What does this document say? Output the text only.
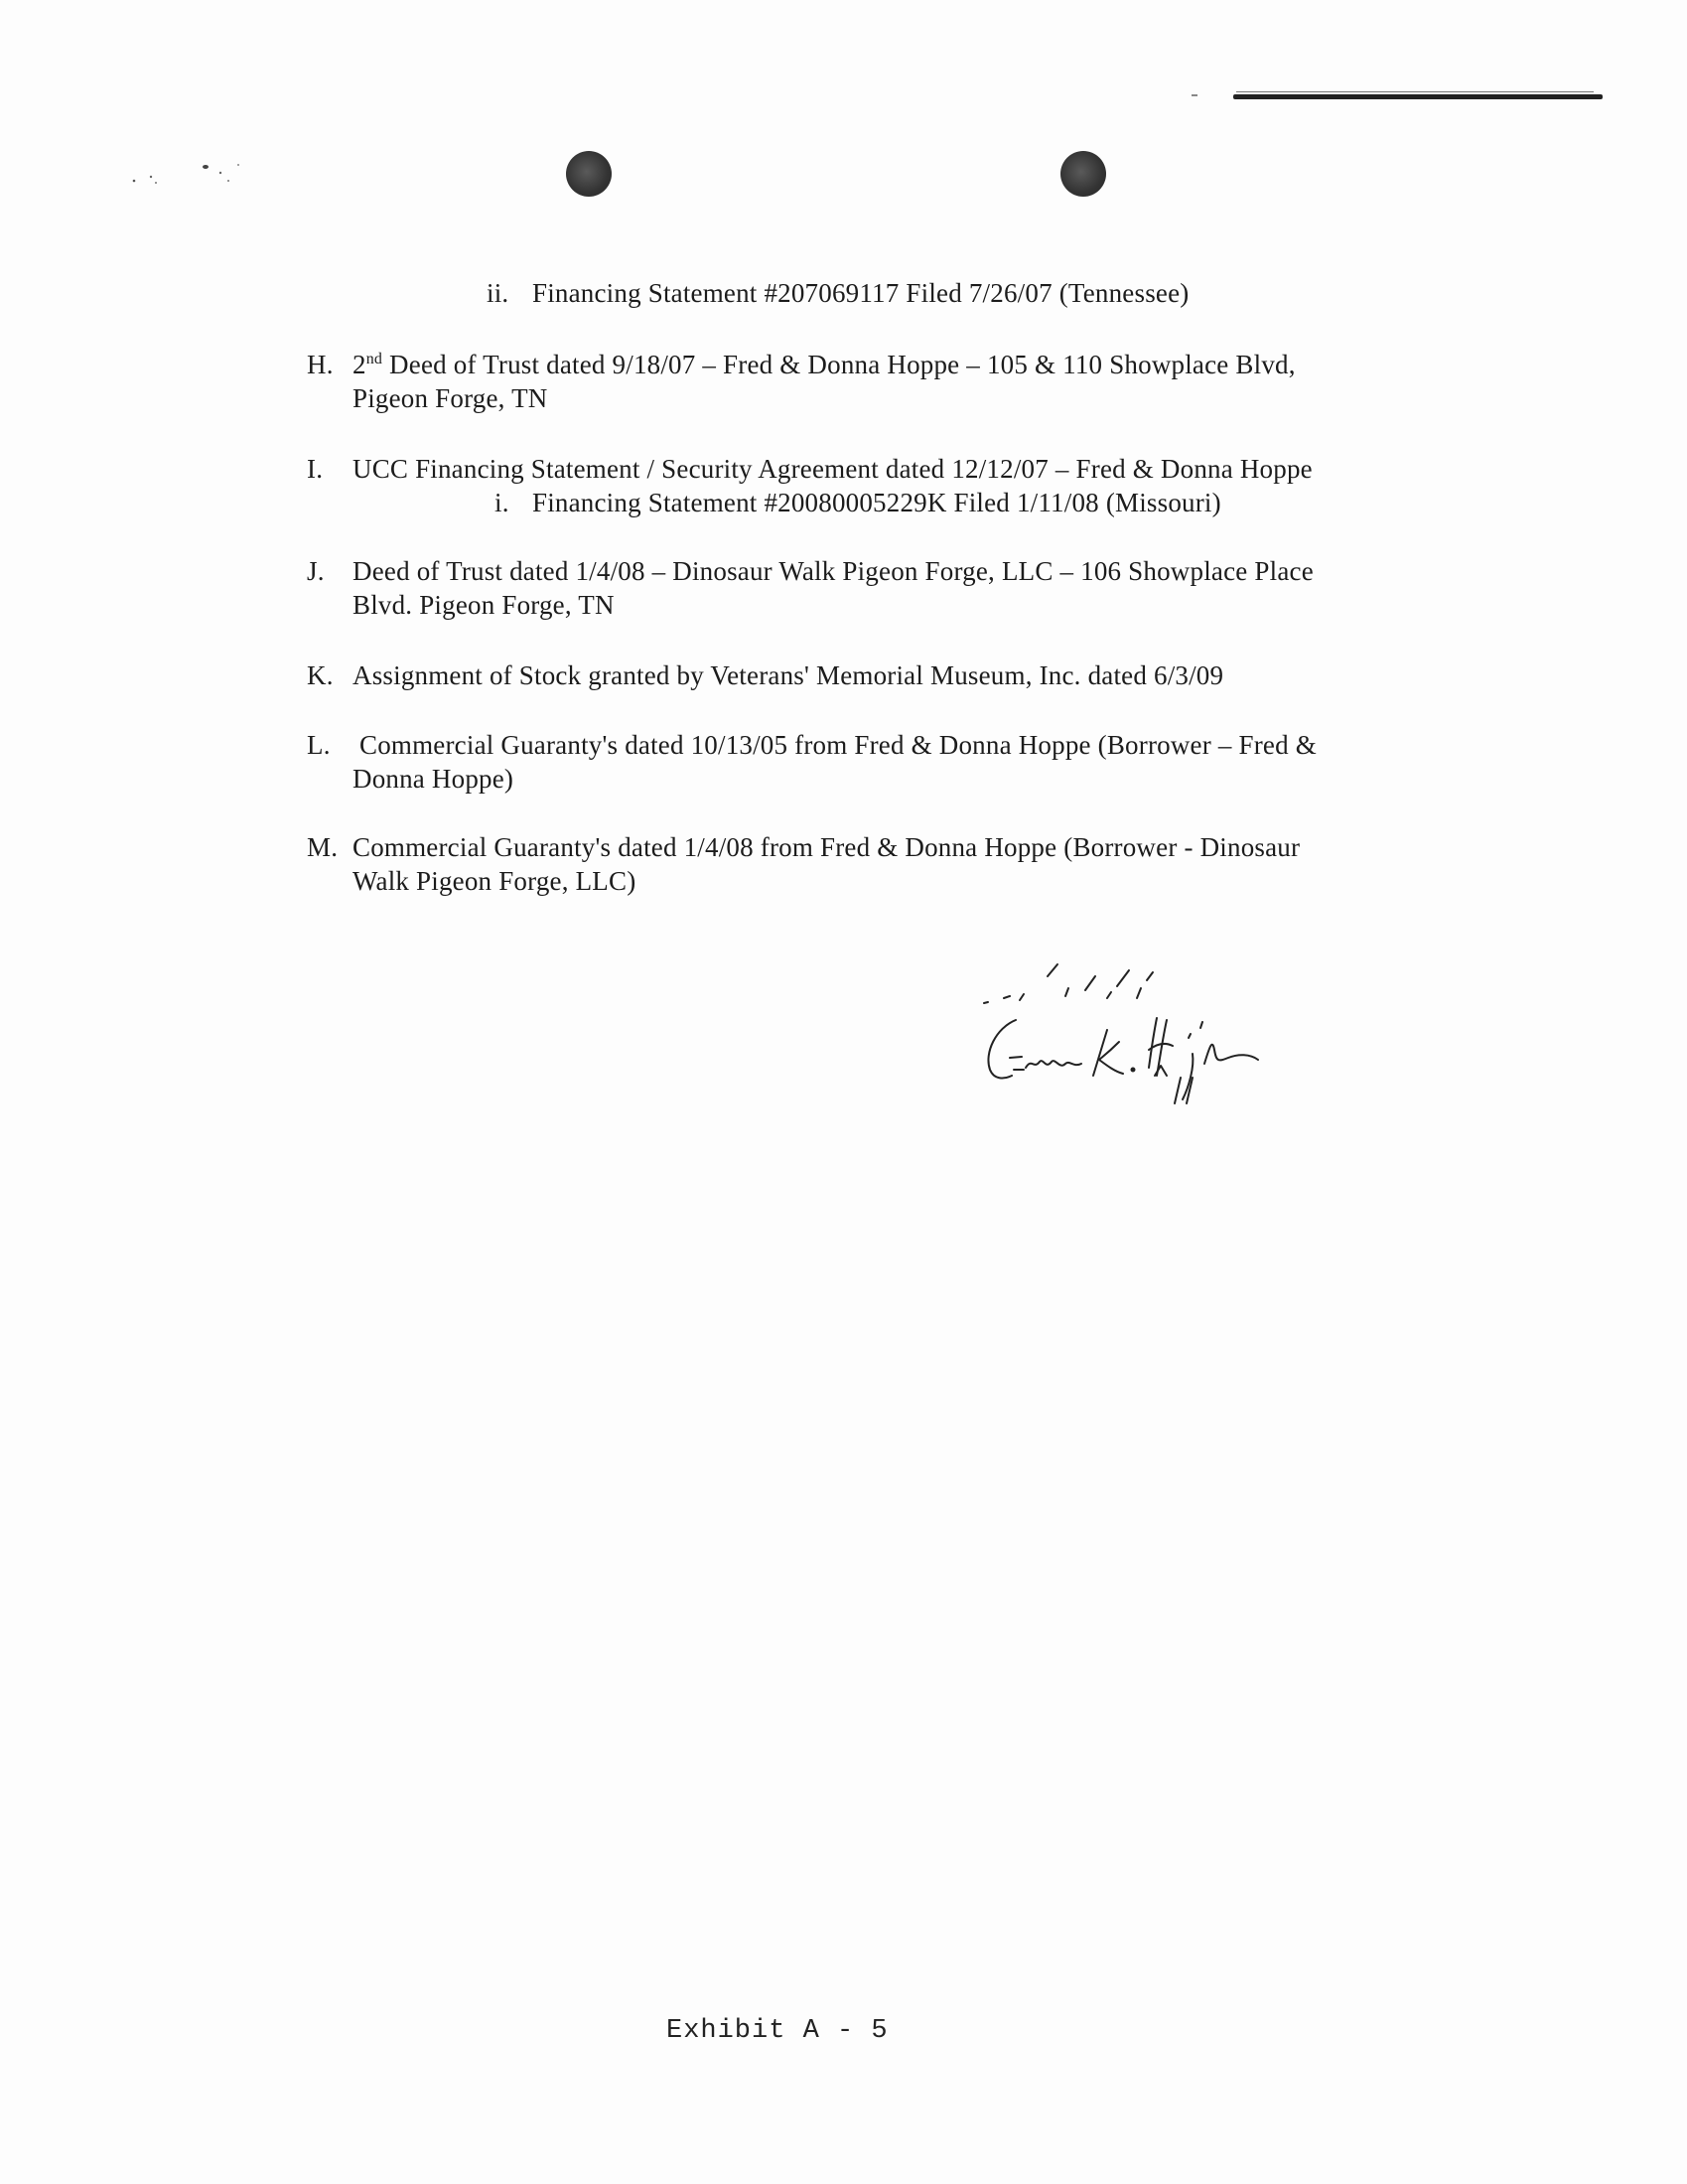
ii. Financing Statement #207069117 Filed 7/26/07 (Tennessee)
H. 2nd Deed of Trust dated 9/18/07 – Fred & Donna Hoppe – 105 & 110 Showplace Blvd,
Pigeon Forge, TN
I. UCC Financing Statement / Security Agreement dated 12/12/07 – Fred & Donna Hoppe
i. Financing Statement #20080005229K Filed 1/11/08 (Missouri)
J. Deed of Trust dated 1/4/08 – Dinosaur Walk Pigeon Forge, LLC – 106 Showplace Place
Blvd. Pigeon Forge, TN
K. Assignment of Stock granted by Veterans' Memorial Museum, Inc. dated 6/3/09
L. Commercial Guaranty's dated 10/13/05 from Fred & Donna Hoppe (Borrower – Fred &
Donna Hoppe)
M. Commercial Guaranty's dated 1/4/08 from Fred & Donna Hoppe (Borrower - Dinosaur
Walk Pigeon Forge, LLC)
Exhibit A - 5
